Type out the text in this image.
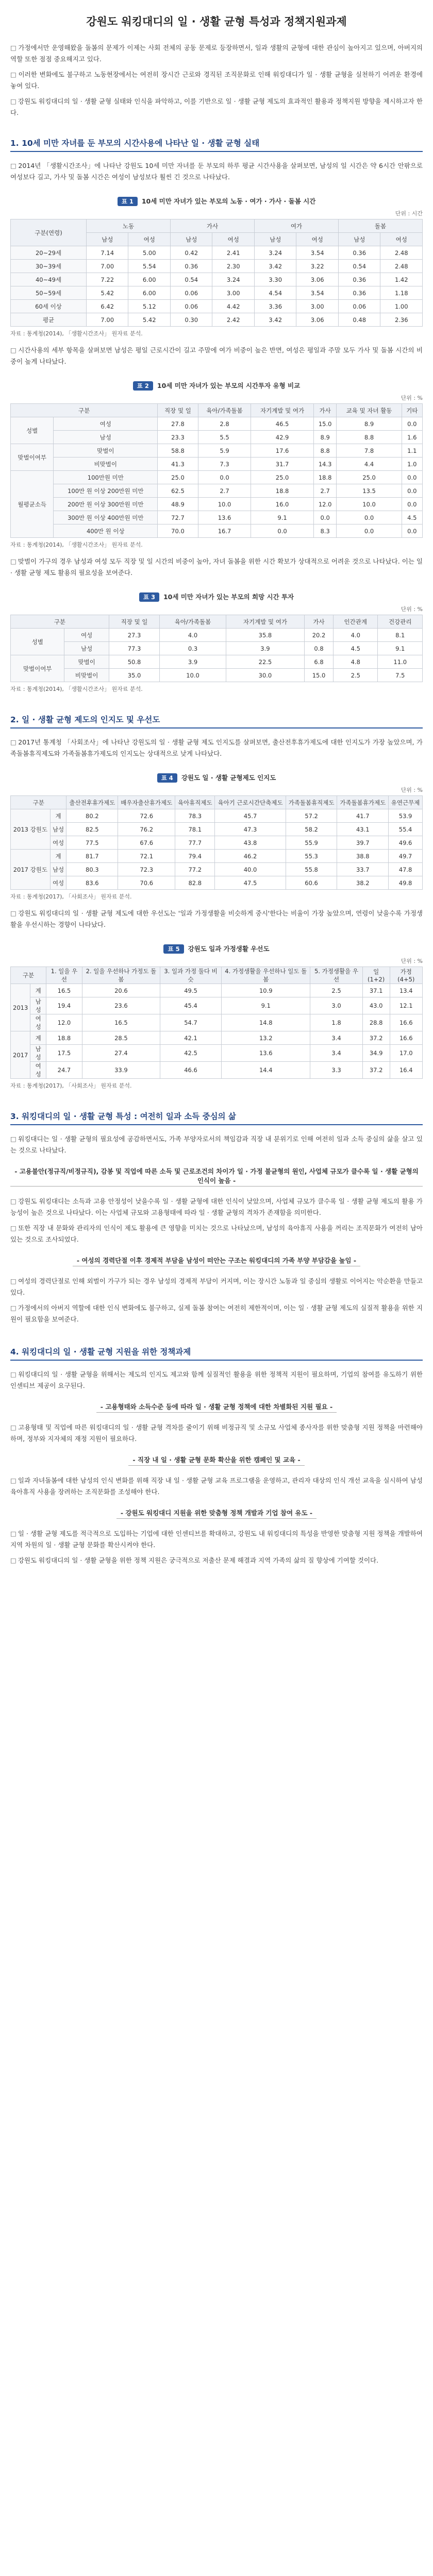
강원도 워킹대디의 일 · 생활 균형 특성과 정책지원과제

□ 가정에서만 운영해왔을 돌봄의 문제가 이제는 사회 전체의 공동 문제로 등장하면서, 일과 생활의 균형에 대한 관심이 높아지고 있으며, 아버지의 역할 또한 점점 중요해지고 있다.

□ 이러한 변화에도 불구하고 노동현장에서는 여전히 장시간 근로와 경직된 조직문화로 인해 워킹대디가 일 · 생활 균형을 실천하기 어려운 환경에 놓여 있다.

□ 강원도 워킹대디의 일 · 생활 균형 실태와 인식을 파악하고, 이를 기반으로 일 · 생활 균형 제도의 효과적인 활용과 정책지원 방향을 제시하고자 한다.

1. 10세 미만 자녀를 둔 부모의 시간사용에 나타난 일 · 생활 균형 실태

□ 2014년 「생활시간조사」에 나타난 강원도 10세 미만 자녀를 둔 부모의 하루 평균 시간사용을 살펴보면, 남성의 일 시간은 약 6시간 안팎으로 여성보다 길고, 가사 및 돌봄 시간은 여성이 남성보다 훨씬 긴 것으로 나타났다.

표 1 10세 미만 자녀가 있는 부모의 노동 · 여가 · 가사 · 돌봄 시간
단위 : 시간
구분(연령)	노동		가사		여가		돌봄	
	남성	여성	남성	여성	남성	여성	남성	여성
20~29세	7.14	5.00	0.42	2.41	3.24	3.54	0.36	2.48
30~39세	7.00	5.54	0.36	2.30	3.42	3.22	0.54	2.48
40~49세	7.22	6.00	0.54	3.24	3.30	3.06	0.36	1.42
50~59세	5.42	6.00	0.06	3.00	4.54	3.54	0.36	1.18
60세 이상	6.42	5.12	0.06	4.42	3.36	3.00	0.06	1.00
평균	7.00	5.42	0.30	2.42	3.42	3.06	0.48	2.36
자료 : 통계청(2014), 「생활시간조사」 원자료 분석.

□ 시간사용의 세부 항목을 살펴보면 남성은 평일 근로시간이 길고 주말에 여가 비중이 높은 반면, 여성은 평일과 주말 모두 가사 및 돌봄 시간의 비중이 높게 나타났다.

표 2 10세 미만 자녀가 있는 부모의 시간투자 유형 비교
단위 : %
구분		직장 및 일	육아/가족돌봄	자기계발 및 여가	가사	교육 및 자녀 활동	기타
성별	여성	27.8	2.8	46.5	15.0	8.9	0.0
	남성	23.3	5.5	42.9	8.9	8.8	1.6
맞벌이여부	맞벌이	58.8	5.9	17.6	8.8	7.8	1.1
	비맞벌이	41.3	7.3	31.7	14.3	4.4	1.0
월평균소득	100만원 미만	25.0	0.0	25.0	18.8	25.0	0.0
	100만 원 이상 200만원 미만	62.5	2.7	18.8	2.7	13.5	0.0
	200만 원 이상 300만원 미만	48.9	10.0	16.0	12.0	10.0	0.0
	300만 원 이상 400만원 미만	72.7	13.6	9.1	0.0	0.0	4.5
	400만 원 이상	70.0	16.7	0.0	8.3	0.0	0.0
자료 : 통계청(2014), 「생활시간조사」 원자료 분석.

□ 맞벌이 가구의 경우 남성과 여성 모두 직장 및 일 시간의 비중이 높아, 자녀 돌봄을 위한 시간 확보가 상대적으로 어려운 것으로 나타났다. 이는 일 · 생활 균형 제도 활용의 필요성을 보여준다.

표 3 10세 미만 자녀가 있는 부모의 희망 시간 투자
단위 : %
구분		직장 및 일	육아/가족돌봄	자기계발 및 여가	가사	인간관계	건강관리
성별	여성	27.3	4.0	35.8	20.2	4.0	8.1
	남성	77.3	0.3	3.9	0.8	4.5	9.1
맞벌이여부	맞벌이	50.8	3.9	22.5	6.8	4.8	11.0
	비맞벌이	35.0	10.0	30.0	15.0	2.5	7.5
자료 : 통계청(2014), 「생활시간조사」 원자료 분석.
2. 일 · 생활 균형 제도의 인지도 및 우선도

□ 2017년 통계청 「사회조사」에 나타난 강원도의 일 · 생활 균형 제도 인지도를 살펴보면, 출산전후휴가제도에 대한 인지도가 가장 높았으며, 가족돌봄휴직제도와 가족돌봄휴가제도의 인지도는 상대적으로 낮게 나타났다.

표 4 강원도 일 · 생활 균형제도 인지도
단위 : %
구분		출산전후휴가제도	배우자출산휴가제도	육아휴직제도	육아기 근로시간단축제도	가족돌봄휴직제도	가족돌봄휴가제도	유연근무제
2013 강원도	계	80.2	72.6	78.3	45.7	57.2	41.7	53.9
	남성	82.5	76.2	78.1	47.3	58.2	43.1	55.4
	여성	77.5	67.6	77.7	43.8	55.9	39.7	49.6
2017 강원도	계	81.7	72.1	79.4	46.2	55.3	38.8	49.7
	남성	80.3	72.3	77.2	40.0	55.8	33.7	47.8
	여성	83.6	70.6	82.8	47.5	60.6	38.2	49.8
자료 : 통계청(2017), 「사회조사」 원자료 분석.

□ 강원도 워킹대디의 일 · 생활 균형 제도에 대한 우선도는 '일과 가정생활을 비슷하게 중시'한다는 비율이 가장 높았으며, 연령이 낮을수록 가정생활을 우선시하는 경향이 나타났다.

표 5 강원도 일과 가정생활 우선도
단위 : %
구분		1. 일을 우선	2. 일을 우선하나 가정도 돌봄	3. 일과 가정 둘다 비슷	4. 가정생활을 우선하나 일도 돌봄	5. 가정생활을 우선	일(1+2)	가정(4+5)
2013	계	16.5	20.6	49.5	10.9	2.5	37.1	13.4
	남성	19.4	23.6	45.4	9.1	3.0	43.0	12.1
	여성	12.0	16.5	54.7	14.8	1.8	28.8	16.6
2017	계	18.8	28.5	42.1	13.2	3.4	37.2	16.6
	남성	17.5	27.4	42.5	13.6	3.4	34.9	17.0
	여성	24.7	33.9	46.6	14.4	3.3	37.2	16.4
자료 : 통계청(2017), 「사회조사」 원자료 분석.
3. 워킹대디의 일 · 생활 균형 특성 : 여전히 일과 소득 중심의 삶

□ 워킹대디는 일 · 생활 균형의 필요성에 공감하면서도, 가족 부양자로서의 책임감과 직장 내 분위기로 인해 여전히 일과 소득 중심의 삶을 살고 있는 것으로 나타났다.

- 고용불안(정규직/비정규직), 감봉 및 직업에 따른 소득 및 근로조건의 차이가 일 · 가정 불균형의 원인, 사업체 규모가 클수록 일 · 생활 균형의 인식이 높음 -

□ 강원도 워킹대디는 소득과 고용 안정성이 낮을수록 일 · 생활 균형에 대한 인식이 낮았으며, 사업체 규모가 클수록 일 · 생활 균형 제도의 활용 가능성이 높은 것으로 나타났다. 이는 사업체 규모와 고용형태에 따라 일 · 생활 균형의 격차가 존재함을 의미한다.

□ 또한 직장 내 문화와 관리자의 인식이 제도 활용에 큰 영향을 미치는 것으로 나타났으며, 남성의 육아휴직 사용을 꺼리는 조직문화가 여전히 남아있는 것으로 조사되었다.

- 여성의 경력단절 이후 경제적 부담을 남성이 떠안는 구조는 워킹대디의 가족 부양 부담감을 높임 -

□ 여성의 경력단절로 인해 외벌이 가구가 되는 경우 남성의 경제적 부담이 커지며, 이는 장시간 노동과 일 중심의 생활로 이어지는 악순환을 만들고 있다.

□ 가정에서의 아버지 역할에 대한 인식 변화에도 불구하고, 실제 돌봄 참여는 여전히 제한적이며, 이는 일 · 생활 균형 제도의 실질적 활용을 위한 지원이 필요함을 보여준다.

4. 워킹대디의 일 · 생활 균형 지원을 위한 정책과제

□ 워킹대디의 일 · 생활 균형을 위해서는 제도의 인지도 제고와 함께 실질적인 활용을 위한 정책적 지원이 필요하며, 기업의 참여를 유도하기 위한 인센티브 제공이 요구된다.

- 고용형태와 소득수준 등에 따라 일 · 생활 균형 정책에 대한 차별화된 지원 필요 -

□ 고용형태 및 직업에 따른 워킹대디의 일 · 생활 균형 격차를 줄이기 위해 비정규직 및 소규모 사업체 종사자를 위한 맞춤형 지원 정책을 마련해야 하며, 정부와 지자체의 재정 지원이 필요하다.

- 직장 내 일 · 생활 균형 문화 확산을 위한 캠페인 및 교육 -

□ 일과 자녀돌봄에 대한 남성의 인식 변화를 위해 직장 내 일 · 생활 균형 교육 프로그램을 운영하고, 관리자 대상의 인식 개선 교육을 실시하여 남성 육아휴직 사용을 장려하는 조직문화를 조성해야 한다.

- 강원도 워킹대디 지원을 위한 맞춤형 정책 개발과 기업 참여 유도 -

□ 일 · 생활 균형 제도를 적극적으로 도입하는 기업에 대한 인센티브를 확대하고, 강원도 내 워킹대디의 특성을 반영한 맞춤형 지원 정책을 개발하여 지역 차원의 일 · 생활 균형 문화를 확산시켜야 한다.

□ 강원도 워킹대디의 일 · 생활 균형을 위한 정책 지원은 궁극적으로 저출산 문제 해결과 지역 가족의 삶의 질 향상에 기여할 것이다.
